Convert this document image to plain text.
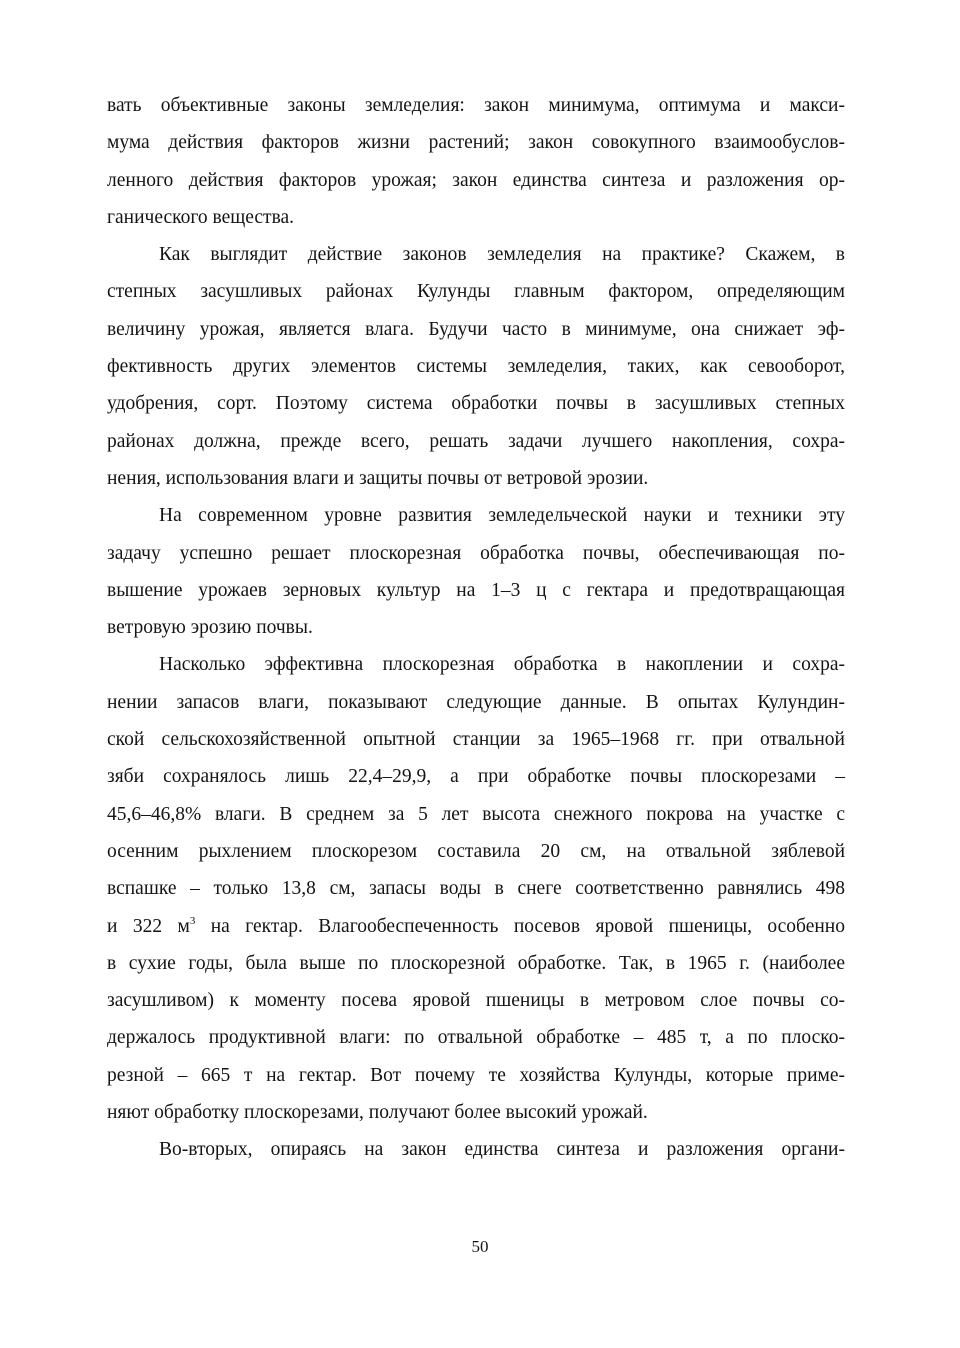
вать объективные законы земледелия: закон минимума, оптимума и макси-
мума действия факторов жизни растений; закон совокупного взаимообуслов-
ленного действия факторов урожая; закон единства синтеза и разложения ор-
ганического вещества.
Как выглядит действие законов земледелия на практике? Скажем, в
степных засушливых районах Кулунды главным фактором, определяющим
величину урожая, является влага. Будучи часто в минимуме, она снижает эф-
фективность других элементов системы земледелия, таких, как севооборот,
удобрения, сорт. Поэтому система обработки почвы в засушливых степных
районах должна, прежде всего, решать задачи лучшего накопления, сохра-
нения, использования влаги и защиты почвы от ветровой эрозии.
На современном уровне развития земледельческой науки и техники эту
задачу успешно решает плоскорезная обработка почвы, обеспечивающая по-
вышение урожаев зерновых культур на 1–3 ц с гектара и предотвращающая
ветровую эрозию почвы.
Насколько эффективна плоскорезная обработка в накоплении и сохра-
нении запасов влаги, показывают следующие данные. В опытах Кулундин-
ской сельскохозяйственной опытной станции за 1965–1968 гг. при отвальной
зяби сохранялось лишь 22,4–29,9, а при обработке почвы плоскорезами –
45,6–46,8% влаги. В среднем за 5 лет высота снежного покрова на участке с
осенним рыхлением плоскорезом составила 20 см, на отвальной зяблевой
вспашке – только 13,8 см, запасы воды в снеге соответственно равнялись 498
и 322 $м^3$ на гектар. Влагообеспеченность посевов яровой пшеницы, особенно
в сухие годы, была выше по плоскорезной обработке. Так, в 1965 г. (наиболее
засушливом) к моменту посева яровой пшеницы в метровом слое почвы со-
держалось продуктивной влаги: по отвальной обработке – 485 т, а по плоско-
резной – 665 т на гектар. Вот почему те хозяйства Кулунды, которые приме-
няют обработку плоскорезами, получают более высокий урожай.
Во-вторых, опираясь на закон единства синтеза и разложения органи-
50
